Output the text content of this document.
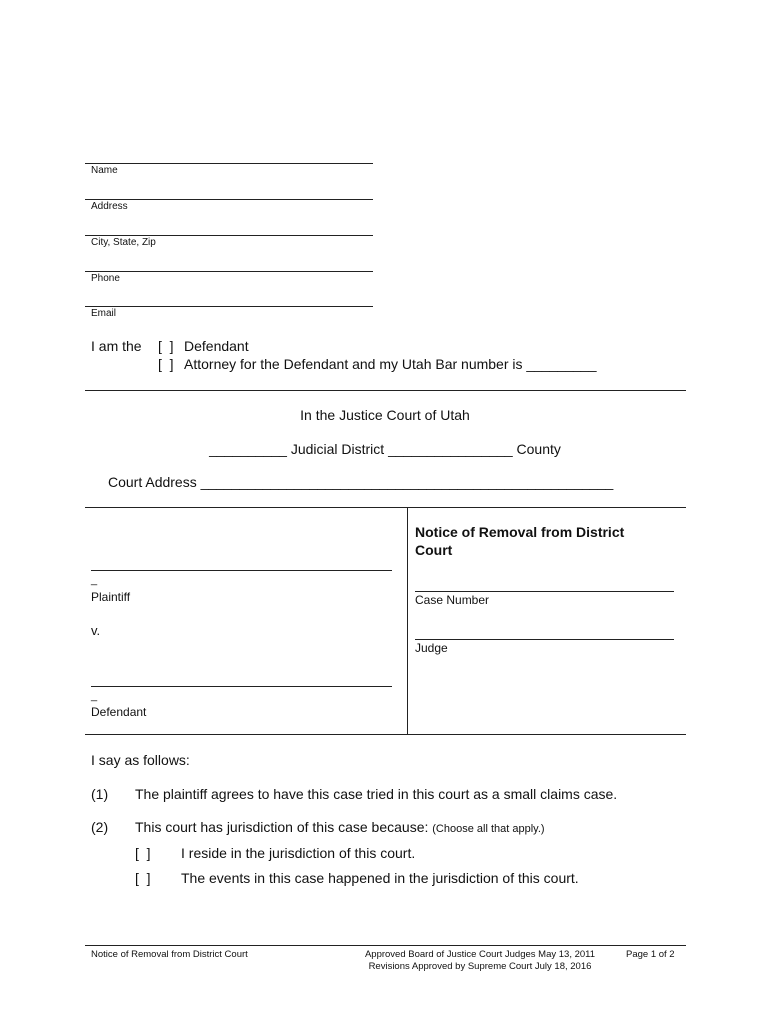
Name
Address
City, State, Zip
Phone
Email
I am the [  ] Defendant
[  ] Attorney for the Defendant and my Utah Bar number is _________
In the Justice Court of Utah
__________ Judicial District ________________ County
Court Address _____________________________________________________
_
Plaintiff
v.
_
Defendant
Notice of Removal from District Court
Case Number
Judge
I say as follows:
(1) The plaintiff agrees to have this case tried in this court as a small claims case.
(2) This court has jurisdiction of this case because: (Choose all that apply.)
[  ] I reside in the jurisdiction of this court.
[  ] The events in this case happened in the jurisdiction of this court.
Notice of Removal from District Court	Approved Board of Justice Court Judges May 13, 2011
Revisions Approved by Supreme Court July 18, 2016
Page 1 of 2
